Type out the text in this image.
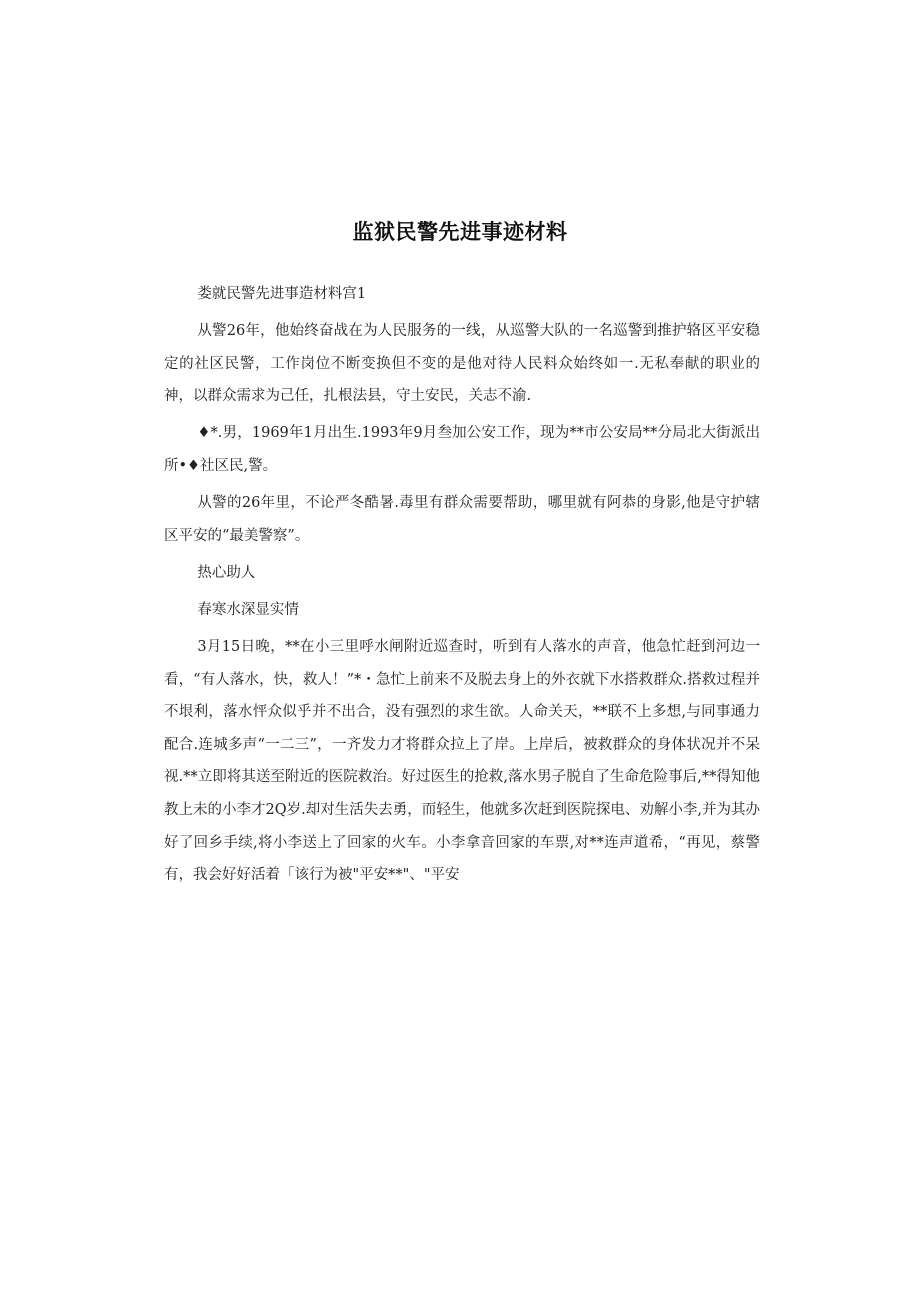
监狱民警先进事迹材料

娄就民警先进事造材料宫1

从警26年，他始终奋战在为人民服务的一线，从巡警大队的一名巡警到推护辂区平安稳定的社区民警，工作岗位不断变换但不变的是他对待人民料众始终如一.无私奉献的职业的神，以群众需求为己任，扎根法县，守土安民，关志不渝.

♦*.男，1969年1月出生.1993年9月叁加公安工作，现为**市公安局**分局北大街派出所•♦社区民,警。

从警的26年里，不论严冬酷暑.毒里有群众需要帮助，哪里就有阿恭的身影,他是守护辖区平安的“最美警察”。

热心助人

春寒水深显实情

3月15日晚，**在小三里呼水闸附近巡查时，听到有人落水的声音，他急忙赶到河边一看，“有人落水，快，救人！”*・急忙上前来不及脱去身上的外衣就下水搭救群众.搭救过程并不垠利，落水怦众似乎并不出合，没有强烈的求生欲。人命关天，**联不上多想,与同事通力配合.连城多声“一二三”，一齐发力才将群众拉上了岸。上岸后，被救群众的身体状况并不呆视.**立即将其送至附近的医院救治。好过医生的抢救,落水男子脱自了生命危险事后,**得知他教上未的小李才2Q岁.却对生活失去勇，而轻生，他就多次赶到医院探电、劝解小李,并为其办好了回乡手续,将小李送上了回家的火车。小李拿音回家的车票,对**连声道希，“再见，蔡警有，我会好好活着「该行为被"平安**"、"平安
